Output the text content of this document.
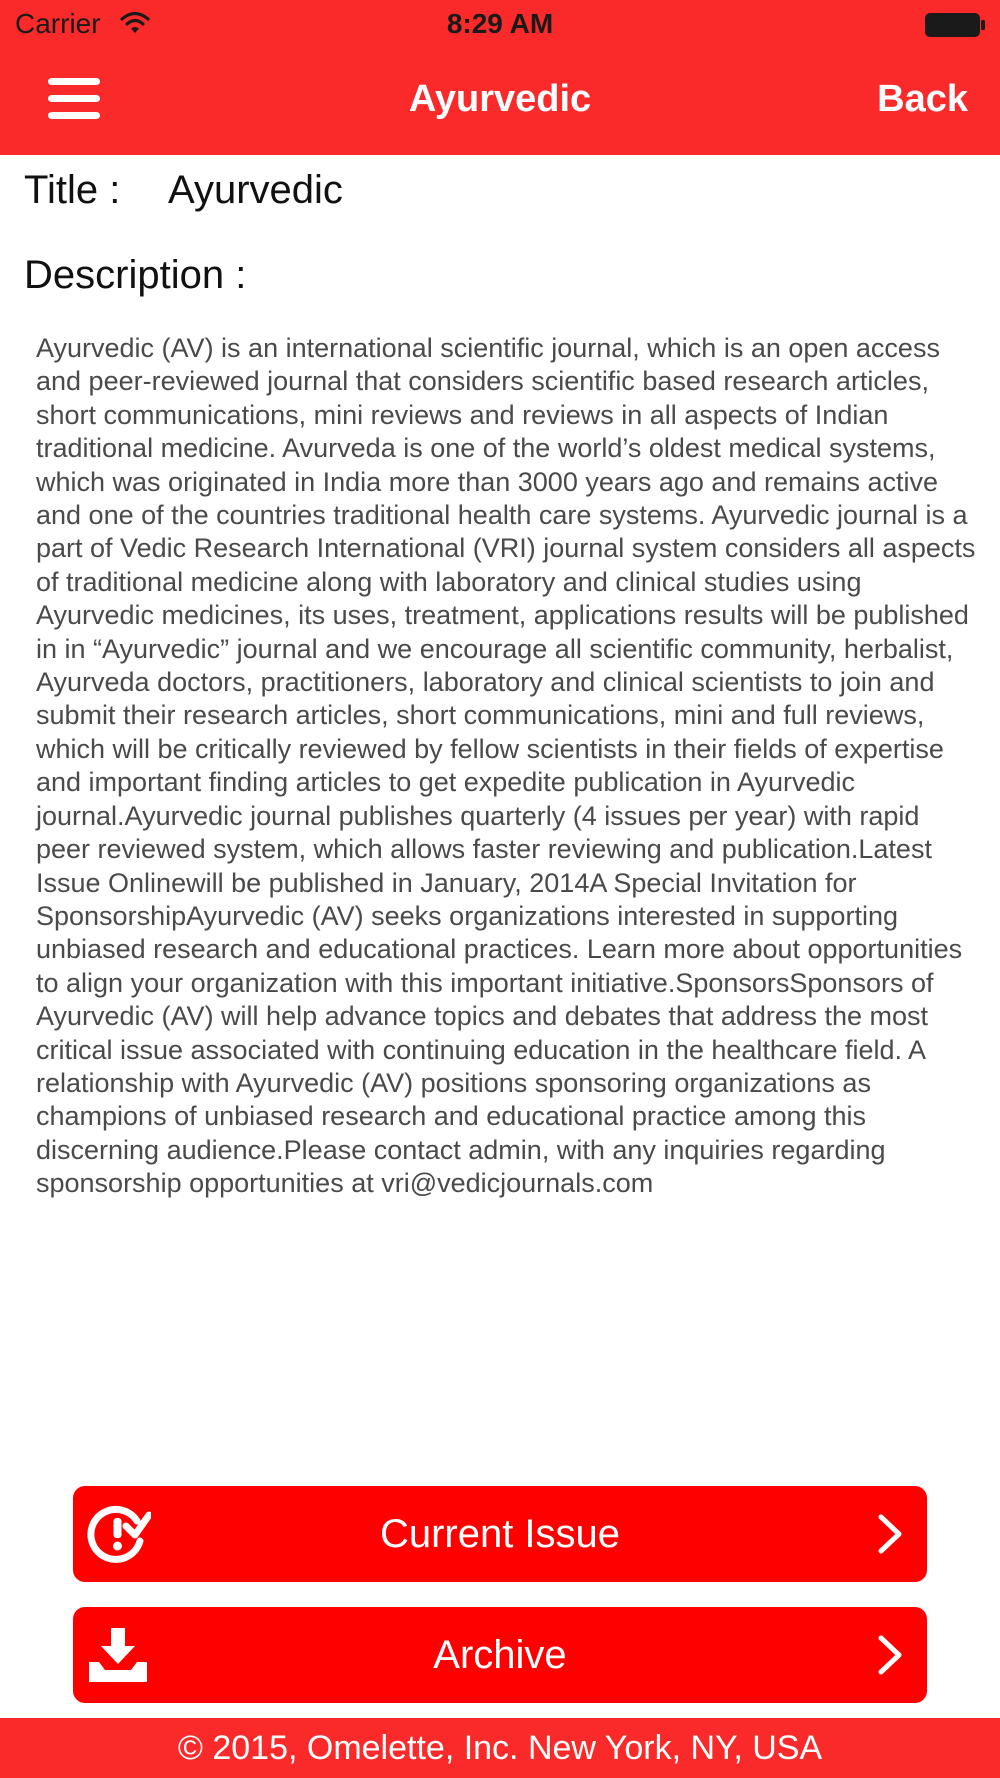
Carrier	8:29 AM
Ayurvedic	Back
Title : Ayurvedic
Description :
Ayurvedic (AV) is an international scientific journal, which is an open access and peer-reviewed journal that considers scientific based research articles, short communications, mini reviews and reviews in all aspects of Indian traditional medicine. Avurveda is one of the world’s oldest medical systems, which was originated in India more than 3000 years ago and remains active and one of the countries traditional health care systems. Ayurvedic journal is a part of Vedic Research International (VRI) journal system considers all aspects of traditional medicine along with laboratory and clinical studies using Ayurvedic medicines, its uses, treatment, applications results will be published in in “Ayurvedic” journal and we encourage all scientific community, herbalist, Ayurveda doctors, practitioners, laboratory and clinical scientists to join and submit their research articles, short communications, mini and full reviews, which will be critically reviewed by fellow scientists in their fields of expertise and important finding articles to get expedite publication in Ayurvedic journal.Ayurvedic journal publishes quarterly (4 issues per year) with rapid peer reviewed system, which allows faster reviewing and publication.Latest Issue Onlinewill be published in January, 2014A Special Invitation for SponsorshipAyurvedic (AV) seeks organizations interested in supporting unbiased research and educational practices. Learn more about opportunities to align your organization with this important initiative.SponsorsSponsors of Ayurvedic (AV) will help advance topics and debates that address the most critical issue associated with continuing education in the healthcare field. A relationship with Ayurvedic (AV) positions sponsoring organizations as champions of unbiased research and educational practice among this discerning audience.Please contact admin, with any inquiries regarding sponsorship opportunities at vri@vedicjournals.com
Current Issue
Archive
© 2015, Omelette, Inc. New York, NY, USA
